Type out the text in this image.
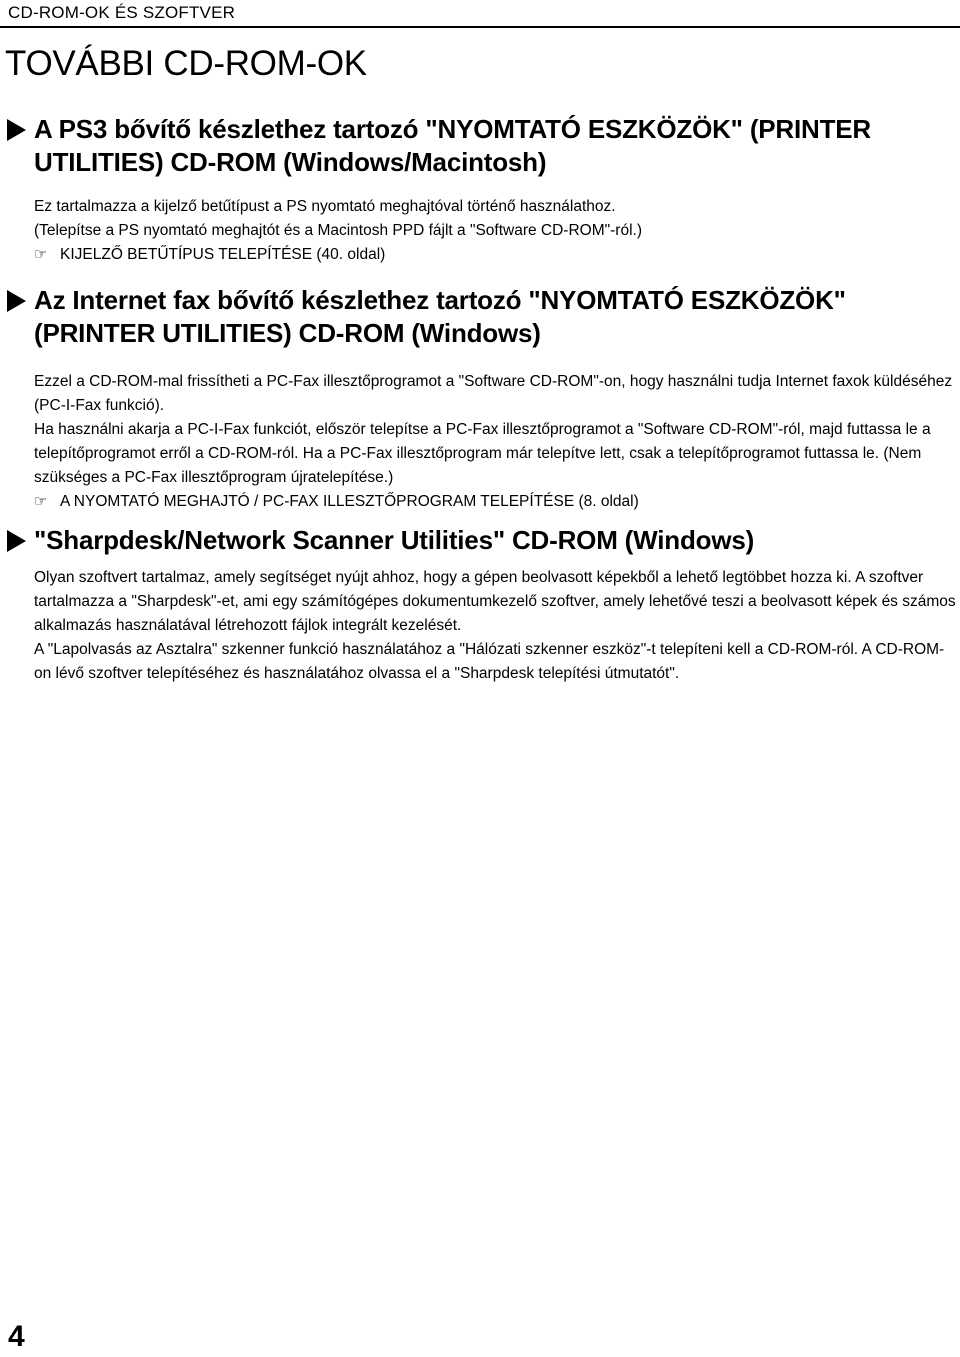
CD-ROM-OK ÉS SZOFTVER
TOVÁBBI CD-ROM-OK
A PS3 bővítő készlethez tartozó "NYOMTATÓ ESZKÖZÖK" (PRINTER
UTILITIES) CD-ROM (Windows/Macintosh)

Ez tartalmazza a kijelző betűtípust a PS nyomtató meghajtóval történő használathoz.

(Telepítse a PS nyomtató meghajtót és a Macintosh PPD fájlt a "Software CD-ROM"-ról.)

☞ KIJELZŐ BETŰTÍPUS TELEPÍTÉSE (40. oldal)

Az Internet fax bővítő készlethez tartozó "NYOMTATÓ ESZKÖZÖK"
(PRINTER UTILITIES) CD-ROM (Windows)

Ezzel a CD-ROM-mal frissítheti a PC-Fax illesztőprogramot a "Software CD-ROM"-on, hogy használni tudja Internet faxok küldéséhez (PC-I-Fax funkció).

Ha használni akarja a PC-I-Fax funkciót, először telepítse a PC-Fax illesztőprogramot a "Software CD-ROM"-ról, majd futtassa le a telepítőprogramot erről a CD-ROM-ról. Ha a PC-Fax illesztőprogram már telepítve lett, csak a telepítőprogramot futtassa le. (Nem szükséges a PC-Fax illesztőprogram újratelepítése.)

☞ A NYOMTATÓ MEGHAJTÓ / PC-FAX ILLESZTŐPROGRAM TELEPÍTÉSE (8. oldal)

"Sharpdesk/Network Scanner Utilities" CD-ROM (Windows)

Olyan szoftvert tartalmaz, amely segítséget nyújt ahhoz, hogy a gépen beolvasott képekből a lehető legtöbbet hozza ki. A szoftver tartalmazza a "Sharpdesk"-et, ami egy számítógépes dokumentumkezelő szoftver, amely lehetővé teszi a beolvasott képek és számos alkalmazás használatával létrehozott fájlok integrált kezelését.

A "Lapolvasás az Asztalra" szkenner funkció használatához a "Hálózati szkenner eszköz"-t telepíteni kell a CD-ROM-ról. A CD-ROM-on lévő szoftver telepítéséhez és használatához olvassa el a "Sharpdesk telepítési útmutatót".

4
